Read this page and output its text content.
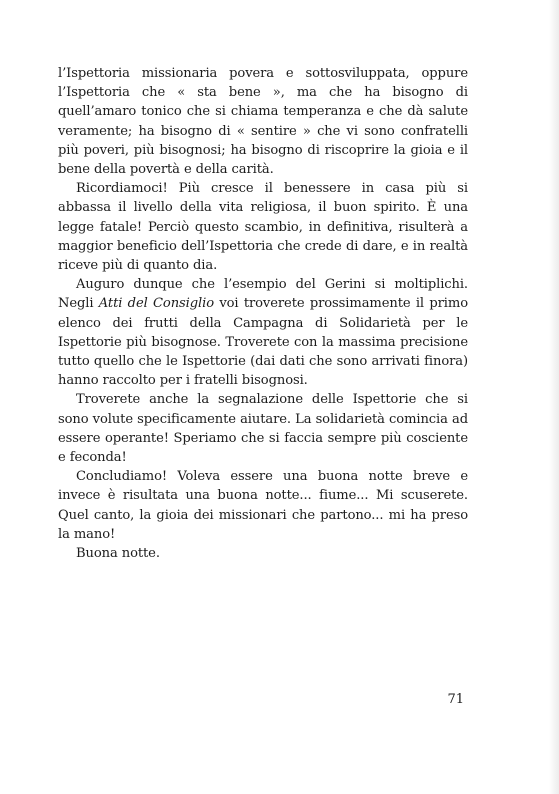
l’Ispettoria missionaria povera e sottosviluppata, oppure l’Ispettoria che « sta bene », ma che ha bisogno di quell’amaro tonico che si chiama temperanza e che dà salute veramente; ha bisogno di « sentire » che vi sono confratelli più poveri, più bisognosi; ha bisogno di riscoprire la gioia e il bene della povertà e della carità.

Ricordiamoci! Più cresce il benessere in casa più si abbassa il livello della vita religiosa, il buon spirito. È una legge fatale! Perciò questo scambio, in definitiva, risulterà a maggior beneficio dell’Ispettoria che crede di dare, e in realtà riceve più di quanto dia.

Auguro dunque che l’esempio del Gerini si moltiplichi. Negli Atti del Consiglio voi troverete prossimamente il primo elenco dei frutti della Campagna di Solidarietà per le Ispettorie più bisognose. Troverete con la massima precisione tutto quello che le Ispettorie (dai dati che sono arrivati finora) hanno raccolto per i fratelli bisognosi.

Troverete anche la segnalazione delle Ispettorie che si sono volute specificamente aiutare. La solidarietà comincia ad essere operante! Speriamo che si faccia sempre più cosciente e feconda!

Concludiamo! Voleva essere una buona notte breve e invece è risultata una buona notte... fiume... Mi scuserete. Quel canto, la gioia dei missionari che partono... mi ha preso la mano!

Buona notte.

71
